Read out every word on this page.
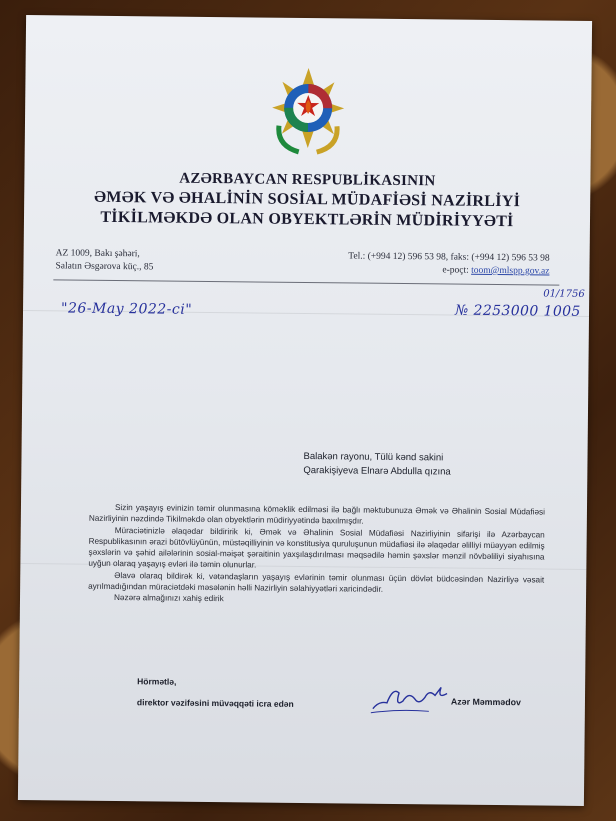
AZƏRBAYCAN RESPUBLİKASININ
ƏMƏK VƏ ƏHALİNİN SOSİAL MÜDAFİƏSİ NAZİRLİYİ
TİKİLMƏKDƏ OLAN OBYEKTLƏRİN MÜDİRİYYƏTİ
AZ 1009, Bakı şəhəri,
Salatın Əsgərova küç., 85
Tel.: (+994 12) 596 53 98, faks: (+994 12) 596 53 98
e-poçt: toom@mlspp.gov.az
"26-May 2022-ci"
01/1756
№ 2253000 1005
Balakən rayonu, Tülü kənd sakini
Qarakişiyeva Elnarə Abdulla qızına

Sizin yaşayış evinizin təmir olunmasına köməklik edilməsi ilə bağlı məktubunuza Əmək və Əhalinin Sosial Müdafiəsi Nazirliyinin nəzdində Tikilməkdə olan obyektlərin müdiriyyətində baxılmışdır.

Müraciətinizlə əlaqədar bildiririk ki, Əmək və Əhalinin Sosial Müdafiəsi Nazirliyinin sifarişi ilə Azərbaycan Respublikasının ərazi bütövlüyünün, müstəqilliyinin və konstitusiya quruluşunun müdafiəsi ilə əlaqədar əlilliyi müəyyən edilmiş şəxslərin və şəhid ailələrinin sosial-məişət şəraitinin yaxşılaşdırılması məqsədilə həmin şəxslər mənzil növbəliliyi siyahısına uyğun olaraq yaşayış evləri ilə təmin olunurlar.

Əlavə olaraq bildirək ki, vətəndaşların yaşayış evlərinin təmir olunması üçün dövlət büdcəsindən Nazirliyə vəsait ayrılmadığından müraciətdəki məsələnin həlli Nazirliyin səlahiyyətləri xaricindədir.

Nəzərə almağınızı xahiş edirik

Hörmətlə,
direktor vəzifəsini müvəqqəti icra edən	Azər Məmmədov
